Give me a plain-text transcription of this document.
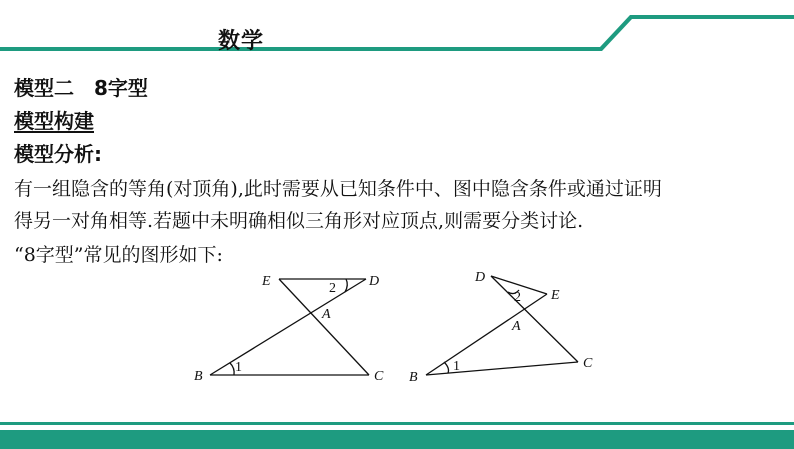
数学
模型二　8字型
模型构建
模型分析:
有一组隐含的等角(对顶角),此时需要从已知条件中、图中隐含条件或通过证明
得另一对角相等.若题中未明确相似三角形对应顶点,则需要分类讨论.
“8字型”常见的图形如下:
E	D
A
B	C
1
2
D
E
A
B
C
1
2
